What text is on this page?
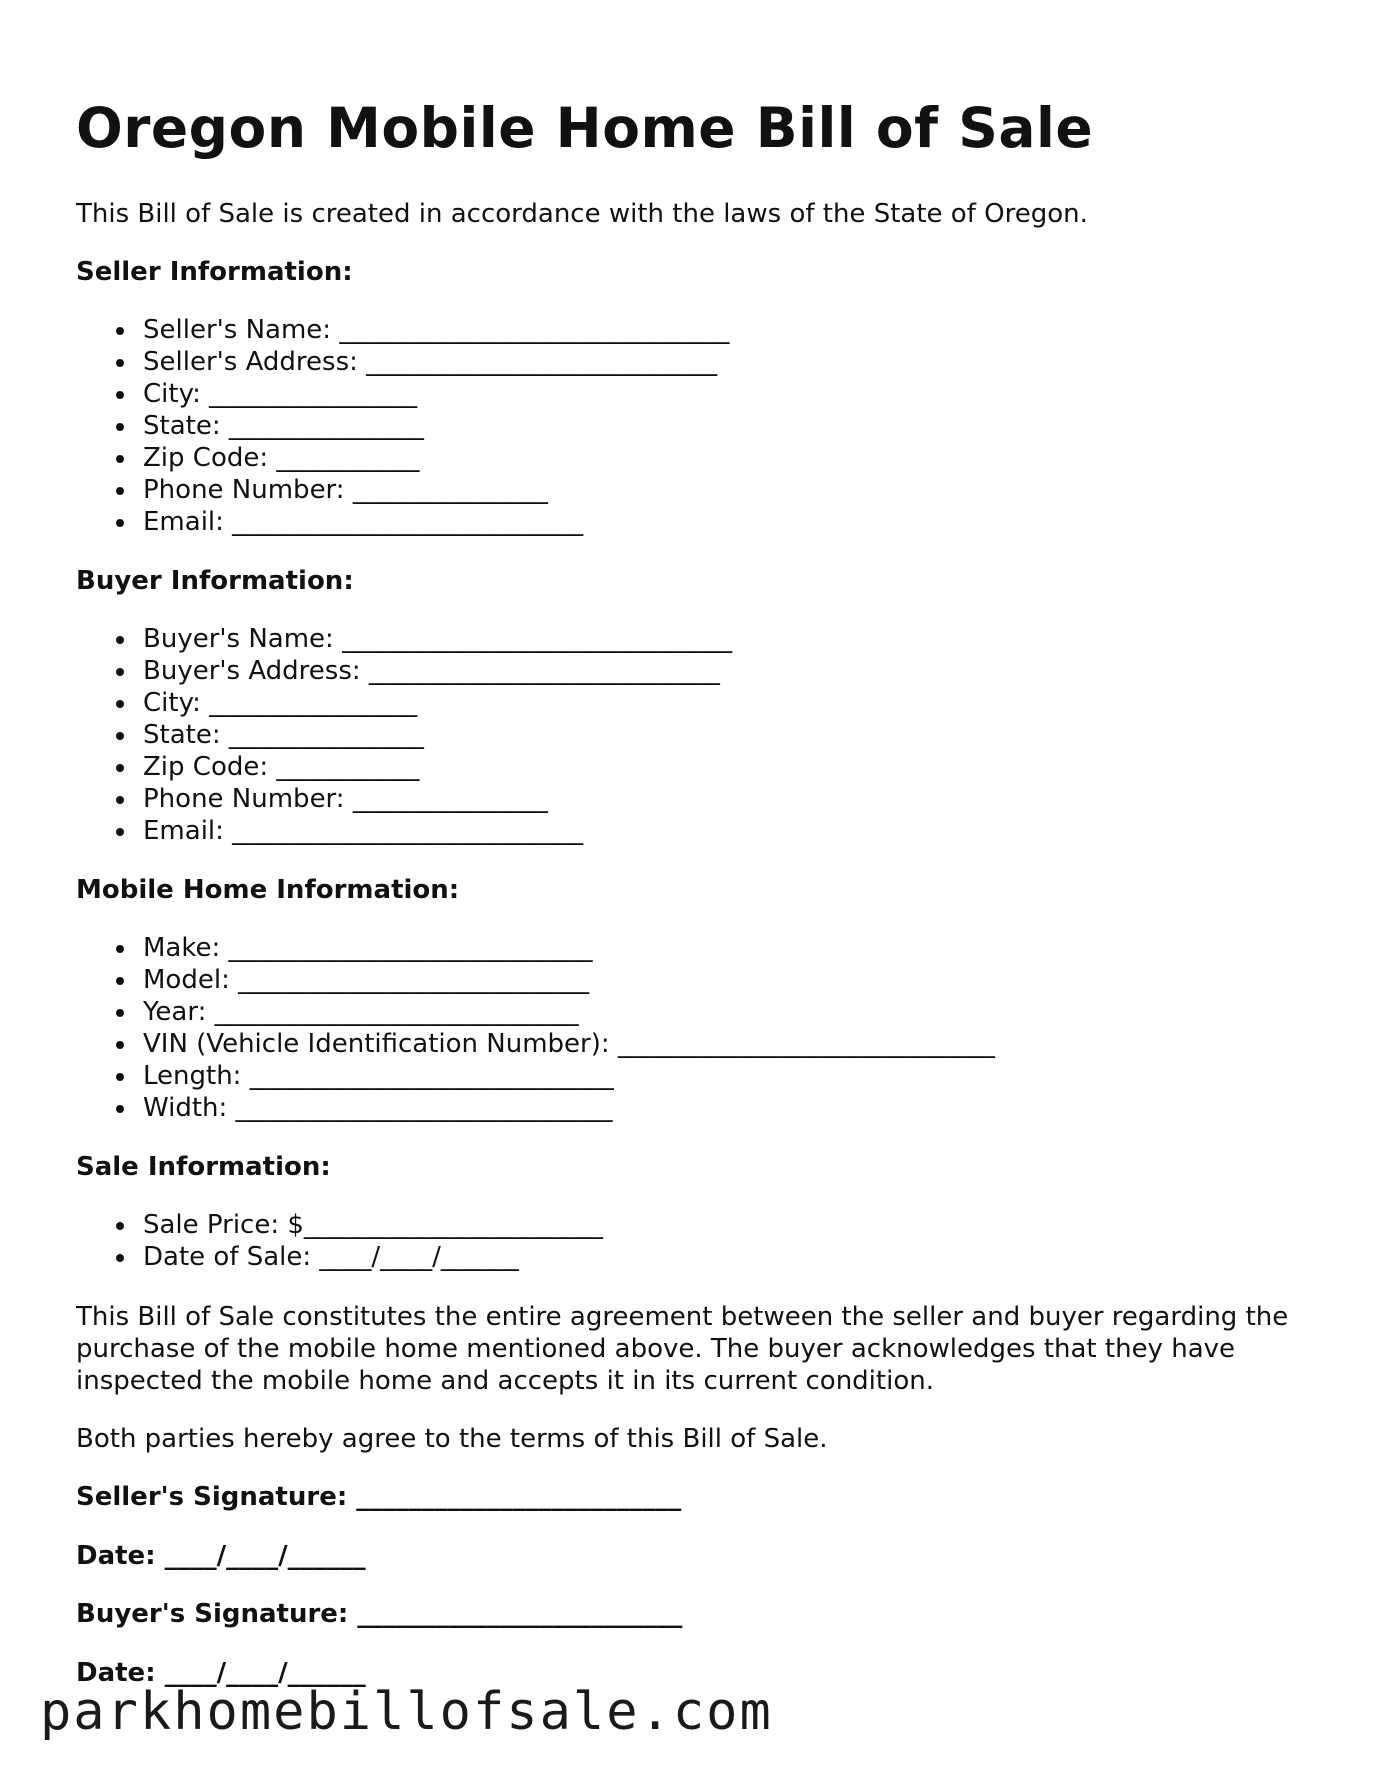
Oregon Mobile Home Bill of Sale

This Bill of Sale is created in accordance with the laws of the State of Oregon.

Seller Information:

Seller's Name: ______________________________
Seller's Address: ___________________________
City: ________________
State: _______________
Zip Code: ___________
Phone Number: _______________
Email: ___________________________

Buyer Information:

Buyer's Name: ______________________________
Buyer's Address: ___________________________
City: ________________
State: _______________
Zip Code: ___________
Phone Number: _______________
Email: ___________________________

Mobile Home Information:

Make: ____________________________
Model: ___________________________
Year: ____________________________
VIN (Vehicle Identification Number): _____________________________
Length: ____________________________
Width: _____________________________

Sale Information:

Sale Price: $_______________________
Date of Sale: ____/____/______

This Bill of Sale constitutes the entire agreement between the seller and buyer regarding the purchase of the mobile home mentioned above. The buyer acknowledges that they have inspected the mobile home and accepts it in its current condition.

Both parties hereby agree to the terms of this Bill of Sale.

Seller's Signature: _________________________

Date: ____/____/______

Buyer's Signature: _________________________

Date: ____/____/______

parkhomebillofsale.com
